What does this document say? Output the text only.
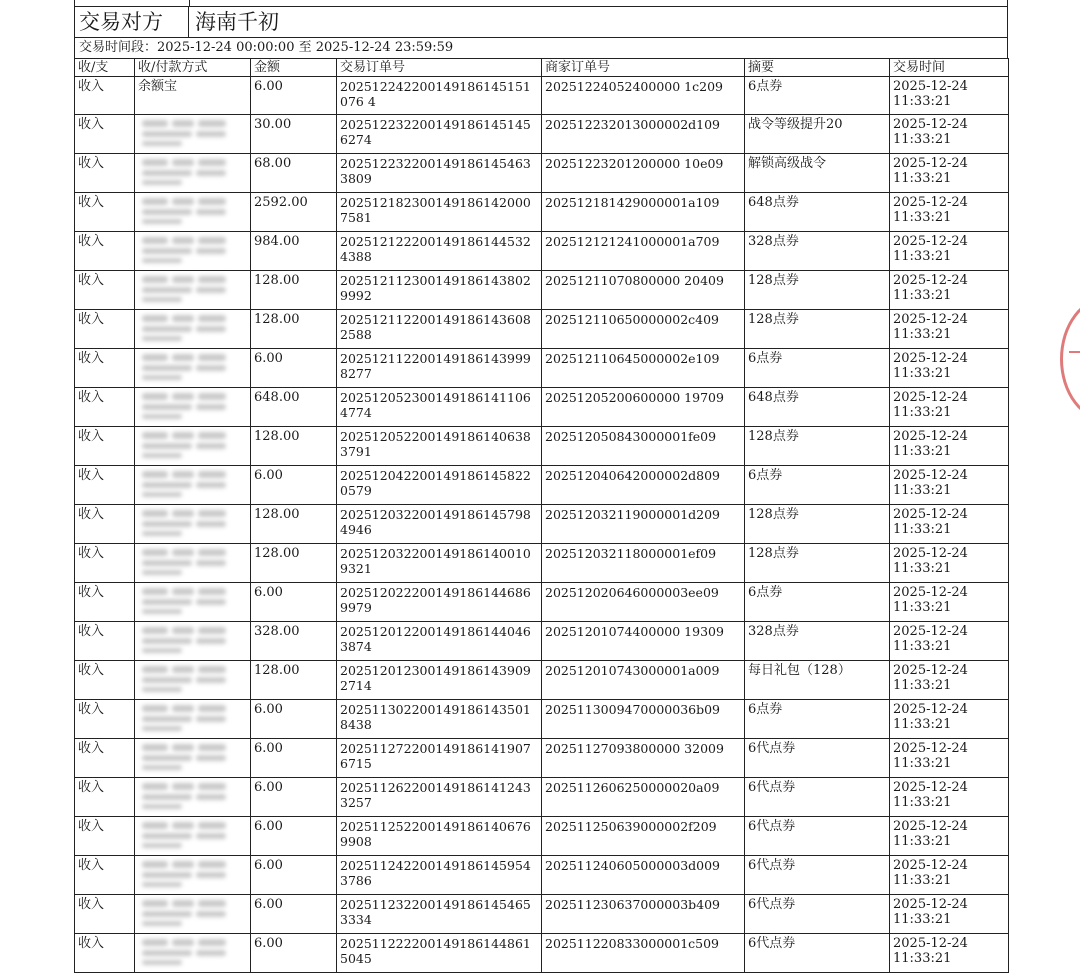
交易对方	海南千初
交易时间段：2025-12-24 00:00:00 至 2025-12-24 23:59:59
收/支	收/付款方式	金额	交易订单号	商家订单号	摘要	交易时间
收入	余额宝	6.00	202512242200149186145151076 4	20251224052400000 1c209	6点券	2025-12-24 11:33:21
收入		30.00	2025122322001491861451456274	202512232013000002d109	战令等级提升20	2025-12-24 11:33:21
收入		68.00	2025122322001491861454633809	20251223201200000 10e09	解锁高级战令	2025-12-24 11:33:21
收入		2592.00	2025121823001491861420007581	202512181429000001a109	648点券	2025-12-24 11:33:21
收入		984.00	2025121222001491861445324388	202512121241000001a709	328点券	2025-12-24 11:33:21
收入		128.00	2025121123001491861438029992	20251211070800000 20409	128点券	2025-12-24 11:33:21
收入		128.00	2025121122001491861436082588	202512110650000002c409	128点券	2025-12-24 11:33:21
收入		6.00	2025121122001491861439998277	202512110645000002e109	6点券	2025-12-24 11:33:21
收入		648.00	2025120523001491861411064774	20251205200600000 19709	648点券	2025-12-24 11:33:21
收入		128.00	2025120522001491861406383791	202512050843000001fe09	128点券	2025-12-24 11:33:21
收入		6.00	2025120422001491861458220579	202512040642000002d809	6点券	2025-12-24 11:33:21
收入		128.00	2025120322001491861457984946	202512032119000001d209	128点券	2025-12-24 11:33:21
收入		128.00	2025120322001491861400109321	202512032118000001ef09	128点券	2025-12-24 11:33:21
收入		6.00	2025120222001491861446869979	202512020646000003ee09	6点券	2025-12-24 11:33:21
收入		328.00	2025120122001491861440463874	20251201074400000 19309	328点券	2025-12-24 11:33:21
收入		128.00	2025120123001491861439092714	202512010743000001a009	每日礼包（128）	2025-12-24 11:33:21
收入		6.00	2025113022001491861435018438	2025113009470000036b09	6点券	2025-12-24 11:33:21
收入		6.00	2025112722001491861419076715	20251127093800000 32009	6代点券	2025-12-24 11:33:21
收入		6.00	2025112622001491861412433257	2025112606250000020a09	6代点券	2025-12-24 11:33:21
收入		6.00	2025112522001491861406769908	202511250639000002f209	6代点券	2025-12-24 11:33:21
收入		6.00	2025112422001491861459543786	202511240605000003d009	6代点券	2025-12-24 11:33:21
收入		6.00	2025112322001491861454653334	202511230637000003b409	6代点券	2025-12-24 11:33:21
收入		6.00	2025112222001491861448615045	202511220833000001c509	6代点券	2025-12-24 11:33:21
